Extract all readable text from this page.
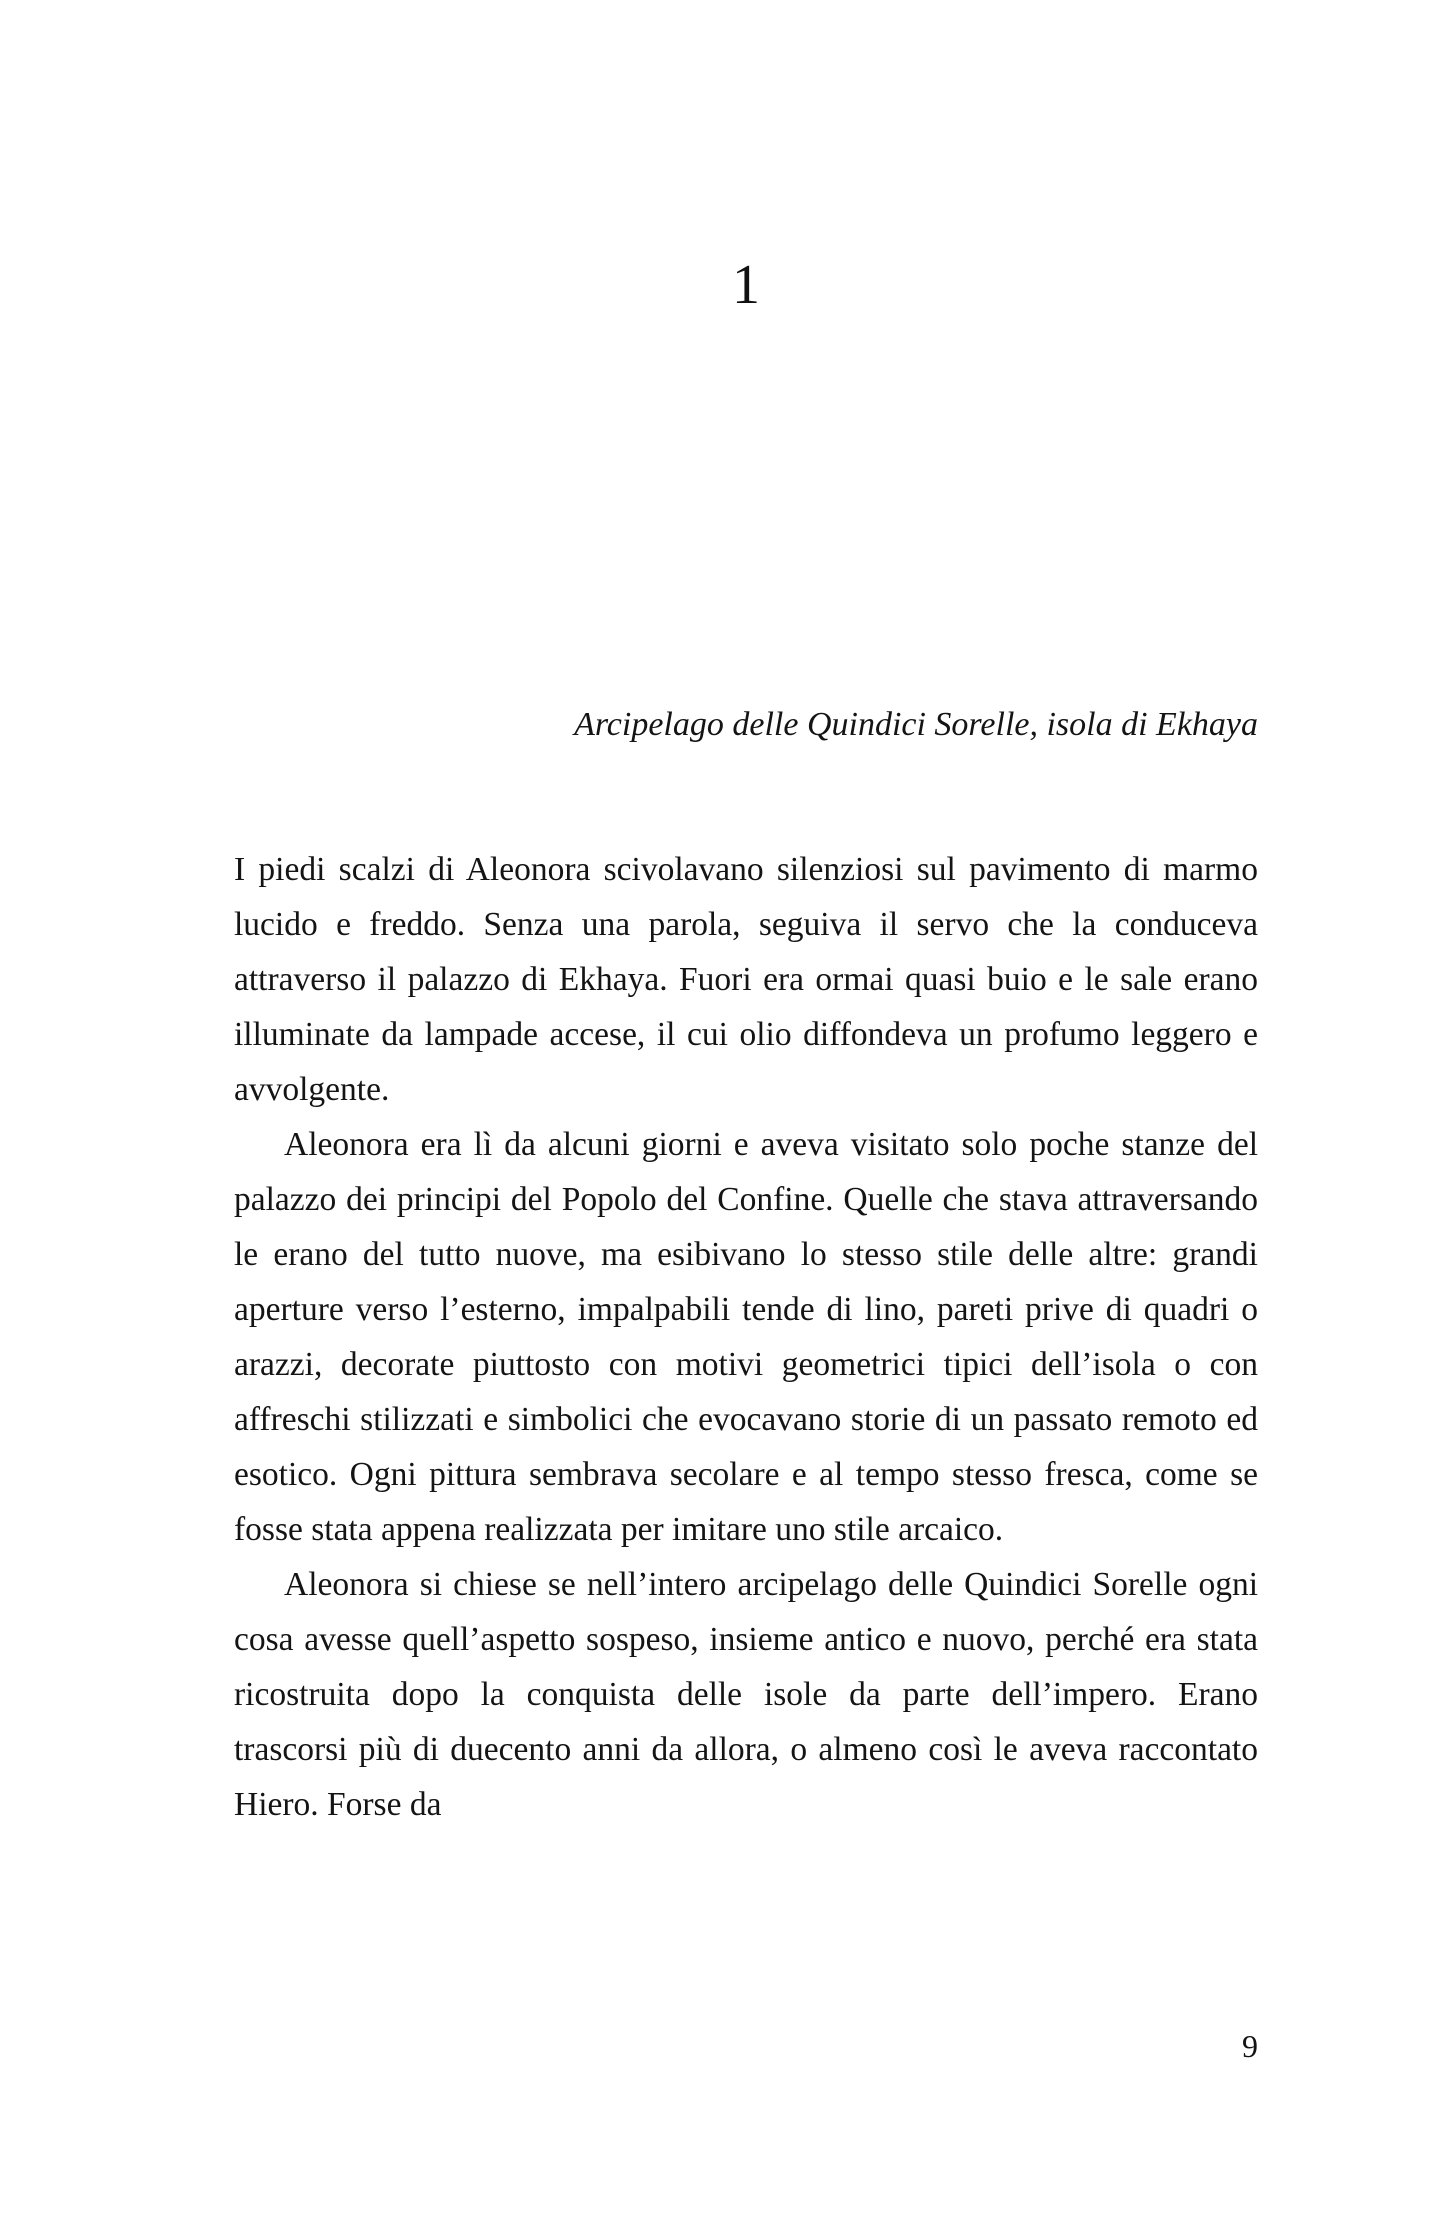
1

Arcipelago delle Quindici Sorelle, isola di Ekhaya

I piedi scalzi di Aleonora scivolavano silenziosi sul pavimento di marmo lucido e freddo. Senza una parola, seguiva il servo che la conduceva attraverso il palazzo di Ekhaya. Fuori era ormai quasi buio e le sale erano illuminate da lampade accese, il cui olio diffondeva un profumo leggero e avvolgente.

Aleonora era lì da alcuni giorni e aveva visitato solo poche stanze del palazzo dei principi del Popolo del Confine. Quelle che stava attraversando le erano del tutto nuove, ma esibivano lo stesso stile delle altre: grandi aperture verso l’esterno, impalpabili tende di lino, pareti prive di quadri o arazzi, decorate piuttosto con motivi geometrici tipici dell’isola o con affreschi stilizzati e simbolici che evocavano storie di un passato remoto ed esotico. Ogni pittura sembrava secolare e al tempo stesso fresca, come se fosse stata appena realizzata per imitare uno stile arcaico.

Aleonora si chiese se nell’intero arcipelago delle Quindici Sorelle ogni cosa avesse quell’aspetto sospeso, insieme antico e nuovo, perché era stata ricostruita dopo la conquista delle isole da parte dell’impero. Erano trascorsi più di duecento anni da allora, o almeno così le aveva raccontato Hiero. Forse da

9
